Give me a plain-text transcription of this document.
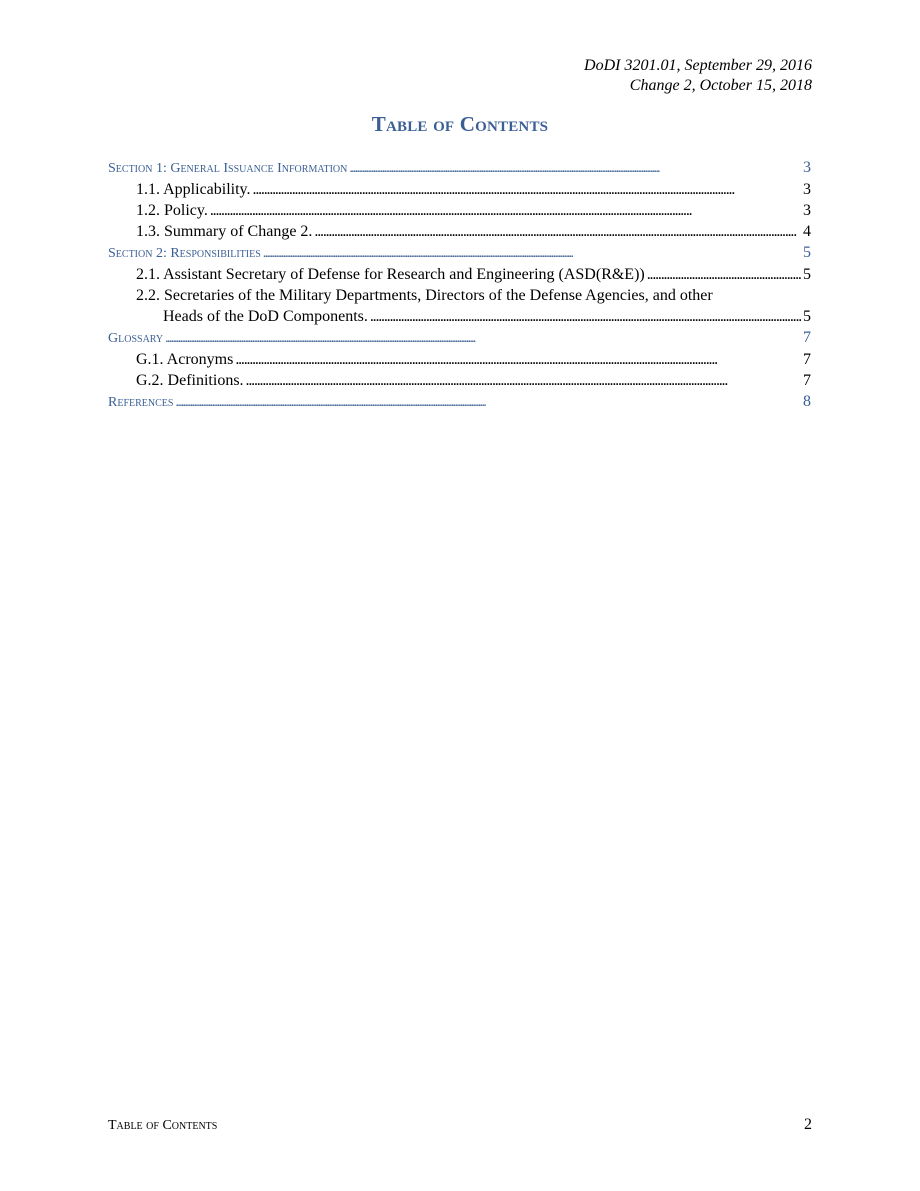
DoDI 3201.01, September 29, 2016
Change 2, October 15, 2018
Table of Contents
Section 1: General Issuance Information . . .	3
1.1. Applicability. . . .	3
1.2. Policy. . . .	3
1.3. Summary of Change 2. . . .	4
Section 2: Responsibilities . . .	5
2.1. Assistant Secretary of Defense for Research and Engineering (ASD(R&E)) . . .	5
2.2. Secretaries of the Military Departments, Directors of the Defense Agencies, and other
Heads of the DoD Components. . . .	5
Glossary . . .	7
G.1. Acronyms . . .	7
G.2. Definitions. . . .	7
References . . .	8
Table of Contents	2
